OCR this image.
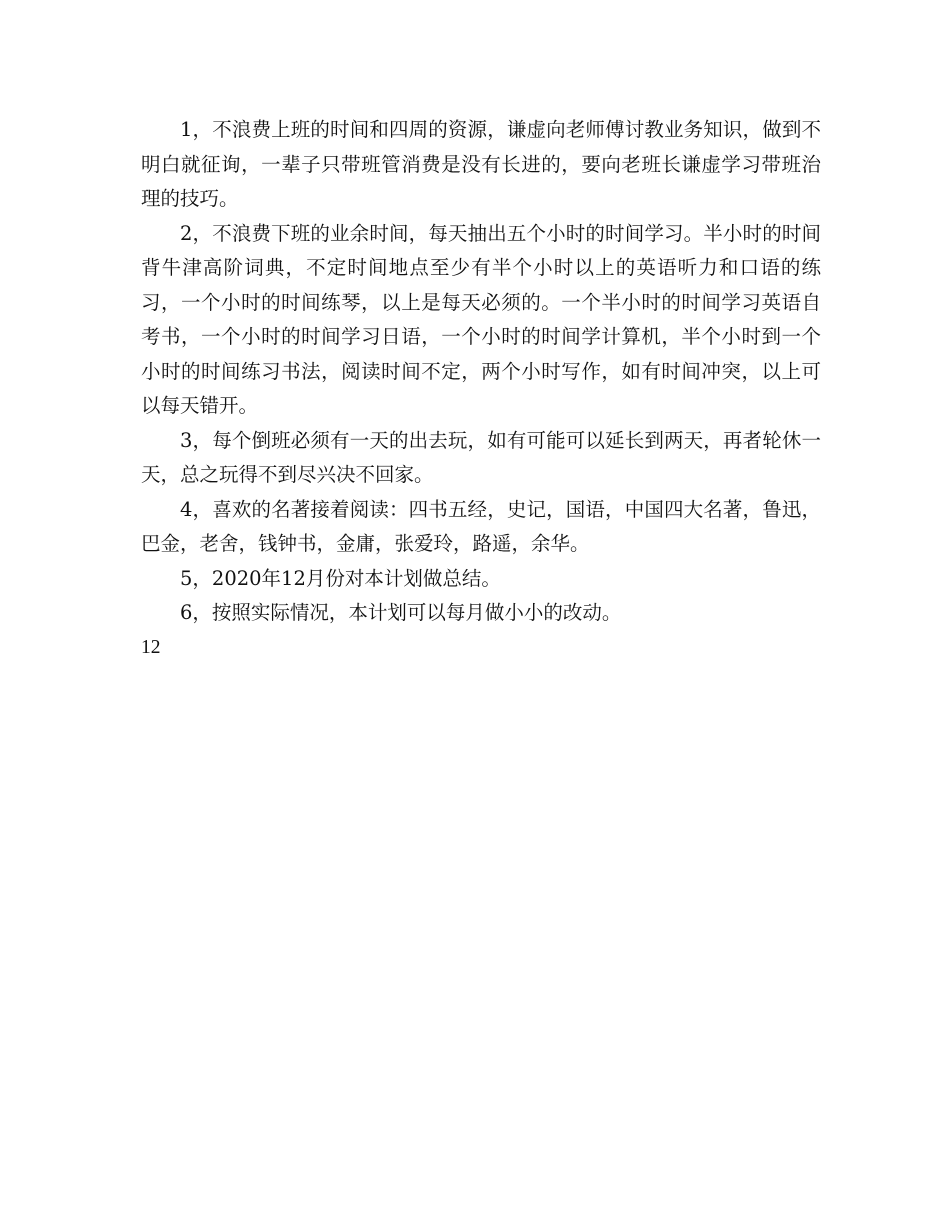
1，不浪费上班的时间和四周的资源，谦虚向老师傅讨教业务知识，做到不明白就征询，一辈子只带班管消费是没有长进的，要向老班长谦虚学习带班治理的技巧。

2，不浪费下班的业余时间，每天抽出五个小时的时间学习。半小时的时间背牛津高阶词典，不定时间地点至少有半个小时以上的英语听力和口语的练习，一个小时的时间练琴，以上是每天必须的。一个半小时的时间学习英语自考书，一个小时的时间学习日语，一个小时的时间学计算机，半个小时到一个小时的时间练习书法，阅读时间不定，两个小时写作，如有时间冲突，以上可以每天错开。

3，每个倒班必须有一天的出去玩，如有可能可以延长到两天，再者轮休一天，总之玩得不到尽兴决不回家。

4，喜欢的名著接着阅读：四书五经，史记，国语，中国四大名著，鲁迅，巴金，老舍，钱钟书，金庸，张爱玲，路遥，余华。

5，2020年12月份对本计划做总结。

6，按照实际情况，本计划可以每月做小小的改动。

12
